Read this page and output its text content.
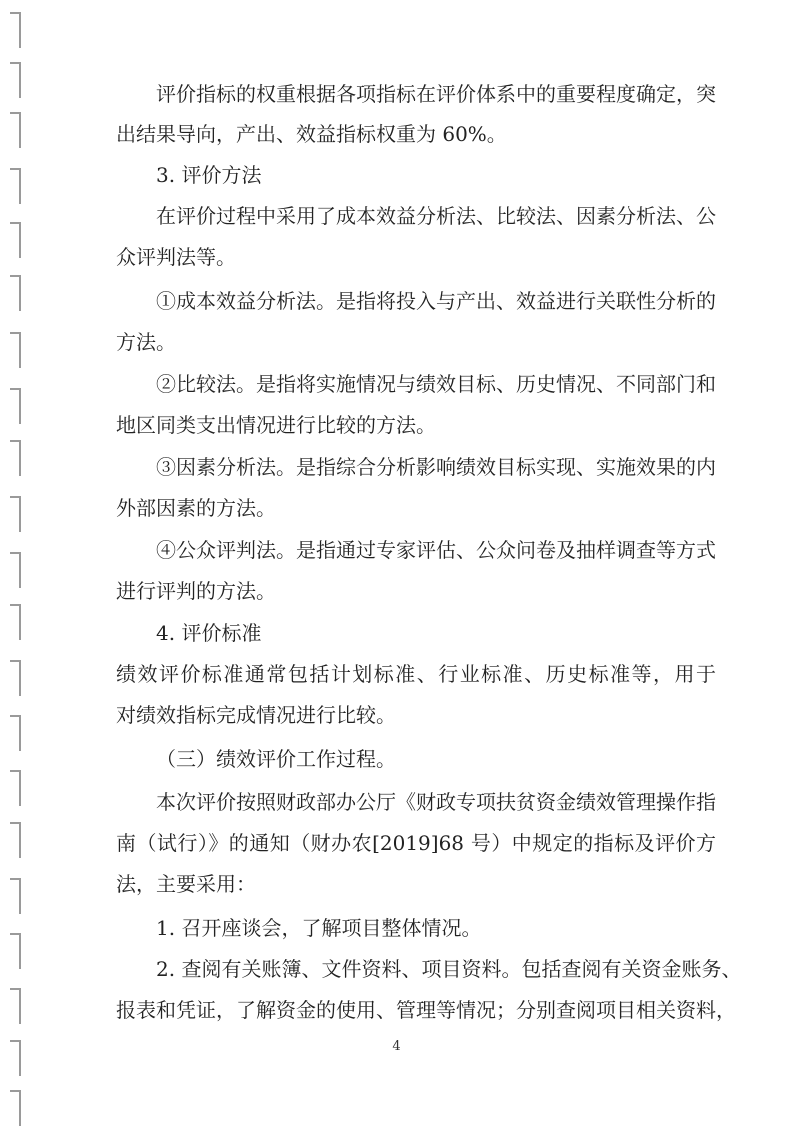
评价指标的权重根据各项指标在评价体系中的重要程度确定，突
出结果导向，产出、效益指标权重为 60%。
3. 评价方法
在评价过程中采用了成本效益分析法、比较法、因素分析法、公
众评判法等。
①成本效益分析法。是指将投入与产出、效益进行关联性分析的
方法。
②比较法。是指将实施情况与绩效目标、历史情况、不同部门和
地区同类支出情况进行比较的方法。
③因素分析法。是指综合分析影响绩效目标实现、实施效果的内
外部因素的方法。
④公众评判法。是指通过专家评估、公众问卷及抽样调查等方式
进行评判的方法。
4. 评价标准
绩效评价标准通常包括计划标准、行业标准、历史标准等，用于
对绩效指标完成情况进行比较。
（三）绩效评价工作过程。
本次评价按照财政部办公厅《财政专项扶贫资金绩效管理操作指
南（试行）》的通知（财办农[2019]68 号）中规定的指标及评价方
法，主要采用：
1. 召开座谈会，了解项目整体情况。
2. 查阅有关账簿、文件资料、项目资料。包括查阅有关资金账务、
报表和凭证，了解资金的使用、管理等情况；分别查阅项目相关资料，
4
